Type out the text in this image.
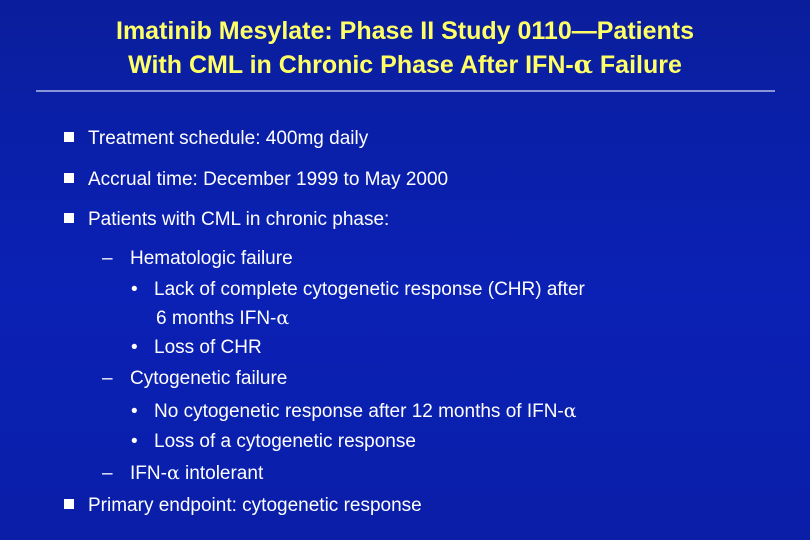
Imatinib Mesylate: Phase II Study 0110—Patients
With CML in Chronic Phase After IFN-α Failure
Treatment schedule: 400mg daily
Accrual time: December 1999 to May 2000
Patients with CML in chronic phase:
– Hematologic failure
• Lack of complete cytogenetic response (CHR) after
6 months IFN-α
• Loss of CHR
– Cytogenetic failure
• No cytogenetic response after 12 months of IFN-α
• Loss of a cytogenetic response
– IFN-α intolerant
Primary endpoint: cytogenetic response
